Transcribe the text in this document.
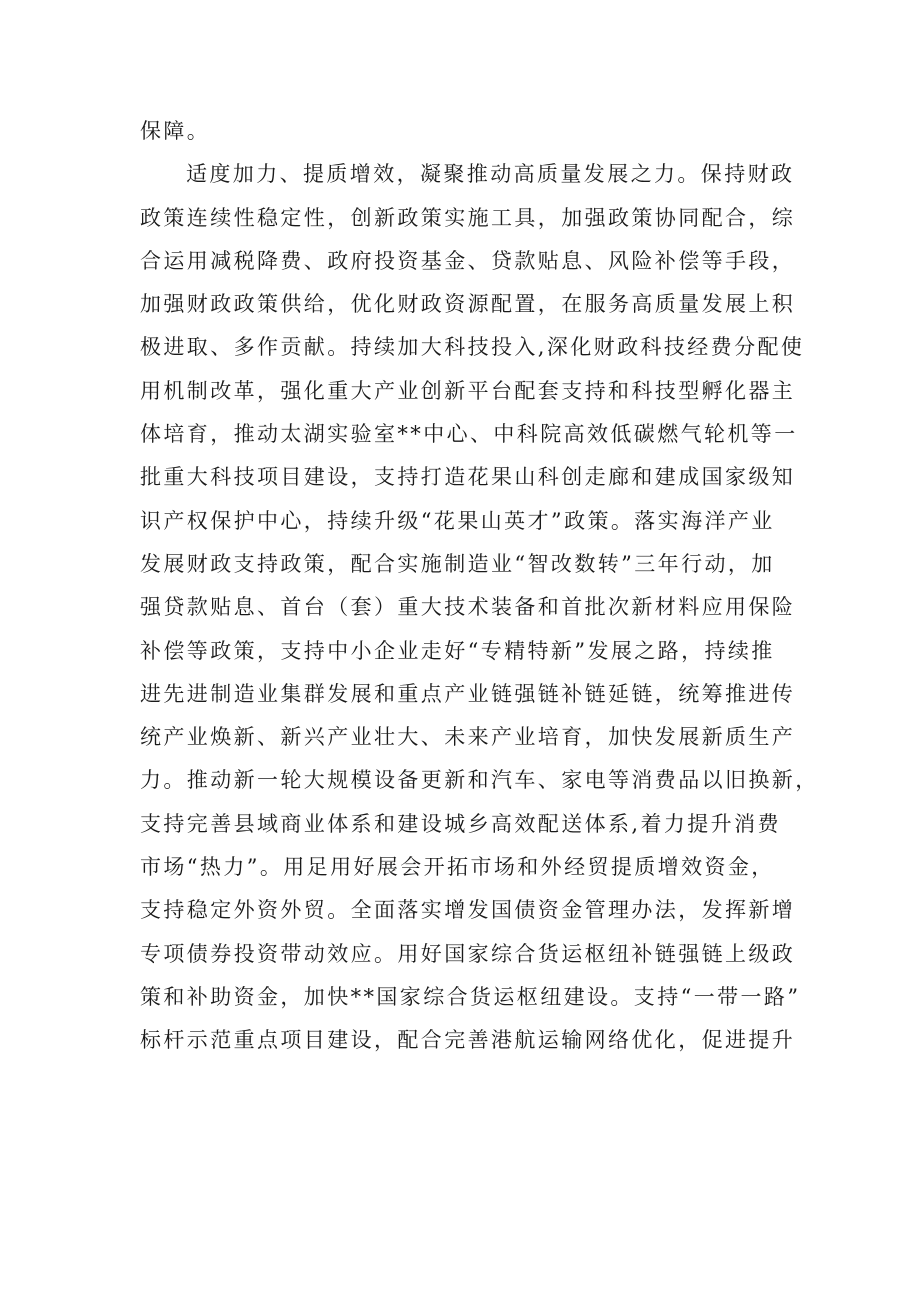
保障。
适度加力、提质增效，凝聚推动高质量发展之力。保持财政
政策连续性稳定性，创新政策实施工具，加强政策协同配合，综
合运用减税降费、政府投资基金、贷款贴息、风险补偿等手段，
加强财政政策供给，优化财政资源配置，在服务高质量发展上积
极进取、多作贡献。持续加大科技投入,深化财政科技经费分配使
用机制改革，强化重大产业创新平台配套支持和科技型孵化器主
体培育，推动太湖实验室**中心、中科院高效低碳燃气轮机等一
批重大科技项目建设，支持打造花果山科创走廊和建成国家级知
识产权保护中心，持续升级“花果山英才”政策。落实海洋产业
发展财政支持政策，配合实施制造业“智改数转”三年行动，加
强贷款贴息、首台（套）重大技术装备和首批次新材料应用保险
补偿等政策，支持中小企业走好“专精特新”发展之路，持续推
进先进制造业集群发展和重点产业链强链补链延链，统筹推进传
统产业焕新、新兴产业壮大、未来产业培育，加快发展新质生产
力。推动新一轮大规模设备更新和汽车、家电等消费品以旧换新，
支持完善县域商业体系和建设城乡高效配送体系,着力提升消费
市场“热力”。用足用好展会开拓市场和外经贸提质增效资金，
支持稳定外资外贸。全面落实增发国债资金管理办法，发挥新增
专项债券投资带动效应。用好国家综合货运枢纽补链强链上级政
策和补助资金，加快**国家综合货运枢纽建设。支持“一带一路”
标杆示范重点项目建设，配合完善港航运输网络优化，促进提升
